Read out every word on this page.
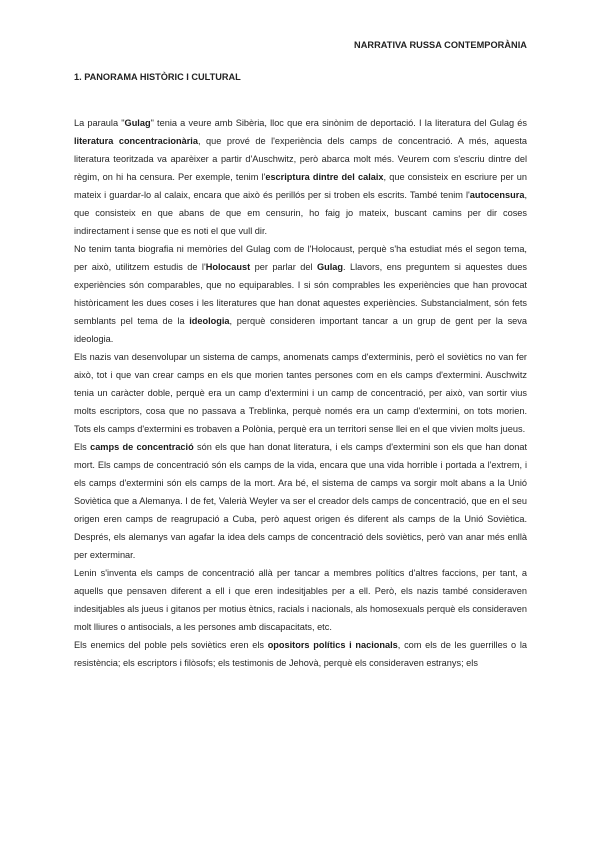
NARRATIVA RUSSA CONTEMPORÀNIA
1. PANORAMA HISTÒRIC I CULTURAL

La paraula "Gulag" tenia a veure amb Sibèria, lloc que era sinònim de deportació. I la literatura del Gulag és literatura concentracionària, que prové de l'experiència dels camps de concentració. A més, aquesta literatura teoritzada va aparèixer a partir d'Auschwitz, però abarca molt més. Veurem com s'escriu dintre del règim, on hi ha censura. Per exemple, tenim l'escriptura dintre del calaix, que consisteix en escriure per un mateix i guardar-lo al calaix, encara que això és perillós per si troben els escrits. També tenim l'autocensura, que consisteix en que abans de que em censurin, ho faig jo mateix, buscant camins per dir coses indirectament i sense que es noti el que vull dir.

No tenim tanta biografia ni memòries del Gulag com de l'Holocaust, perquè s'ha estudiat més el segon tema, per això, utilitzem estudis de l'Holocaust per parlar del Gulag. Llavors, ens preguntem si aquestes dues experiències són comparables, que no equiparables. I si són comprables les experiències que han provocat històricament les dues coses i les literatures que han donat aquestes experiències. Substancialment, són fets semblants pel tema de la ideologia, perquè consideren important tancar a un grup de gent per la seva ideologia.

Els nazis van desenvolupar un sistema de camps, anomenats camps d'exterminis, però el soviètics no van fer això, tot i que van crear camps en els que morien tantes persones com en els camps d'extermini. Auschwitz tenia un caràcter doble, perquè era un camp d'extermini i un camp de concentració, per això, van sortir vius molts escriptors, cosa que no passava a Treblinka, perquè només era un camp d'extermini, on tots morien. Tots els camps d'extermini es trobaven a Polònia, perquè era un territori sense llei en el que vivien molts jueus.

Els camps de concentració són els que han donat literatura, i els camps d'extermini son els que han donat mort. Els camps de concentració són els camps de la vida, encara que una vida horrible i portada a l'extrem, i els camps d'extermini són els camps de la mort. Ara bé, el sistema de camps va sorgir molt abans a la Unió Soviètica que a Alemanya. I de fet, Valerià Weyler va ser el creador dels camps de concentració, que en el seu origen eren camps de reagrupació a Cuba, però aquest origen és diferent als camps de la Unió Soviètica. Després, els alemanys van agafar la idea dels camps de concentració dels soviètics, però van anar més enllà per exterminar.

Lenin s'inventa els camps de concentració allà per tancar a membres polítics d'altres faccions, per tant, a aquells que pensaven diferent a ell i que eren indesitjables per a ell. Però, els nazis també consideraven indesitjables als jueus i gitanos per motius ètnics, racials i nacionals, als homosexuals perquè els consideraven molt lliures o antisocials, a les persones amb discapacitats, etc.

Els enemics del poble pels soviètics eren els opositors polítics i nacionals, com els de les guerrilles o la resistència; els escriptors i filòsofs; els testimonis de Jehovà, perquè els consideraven estranys; els
